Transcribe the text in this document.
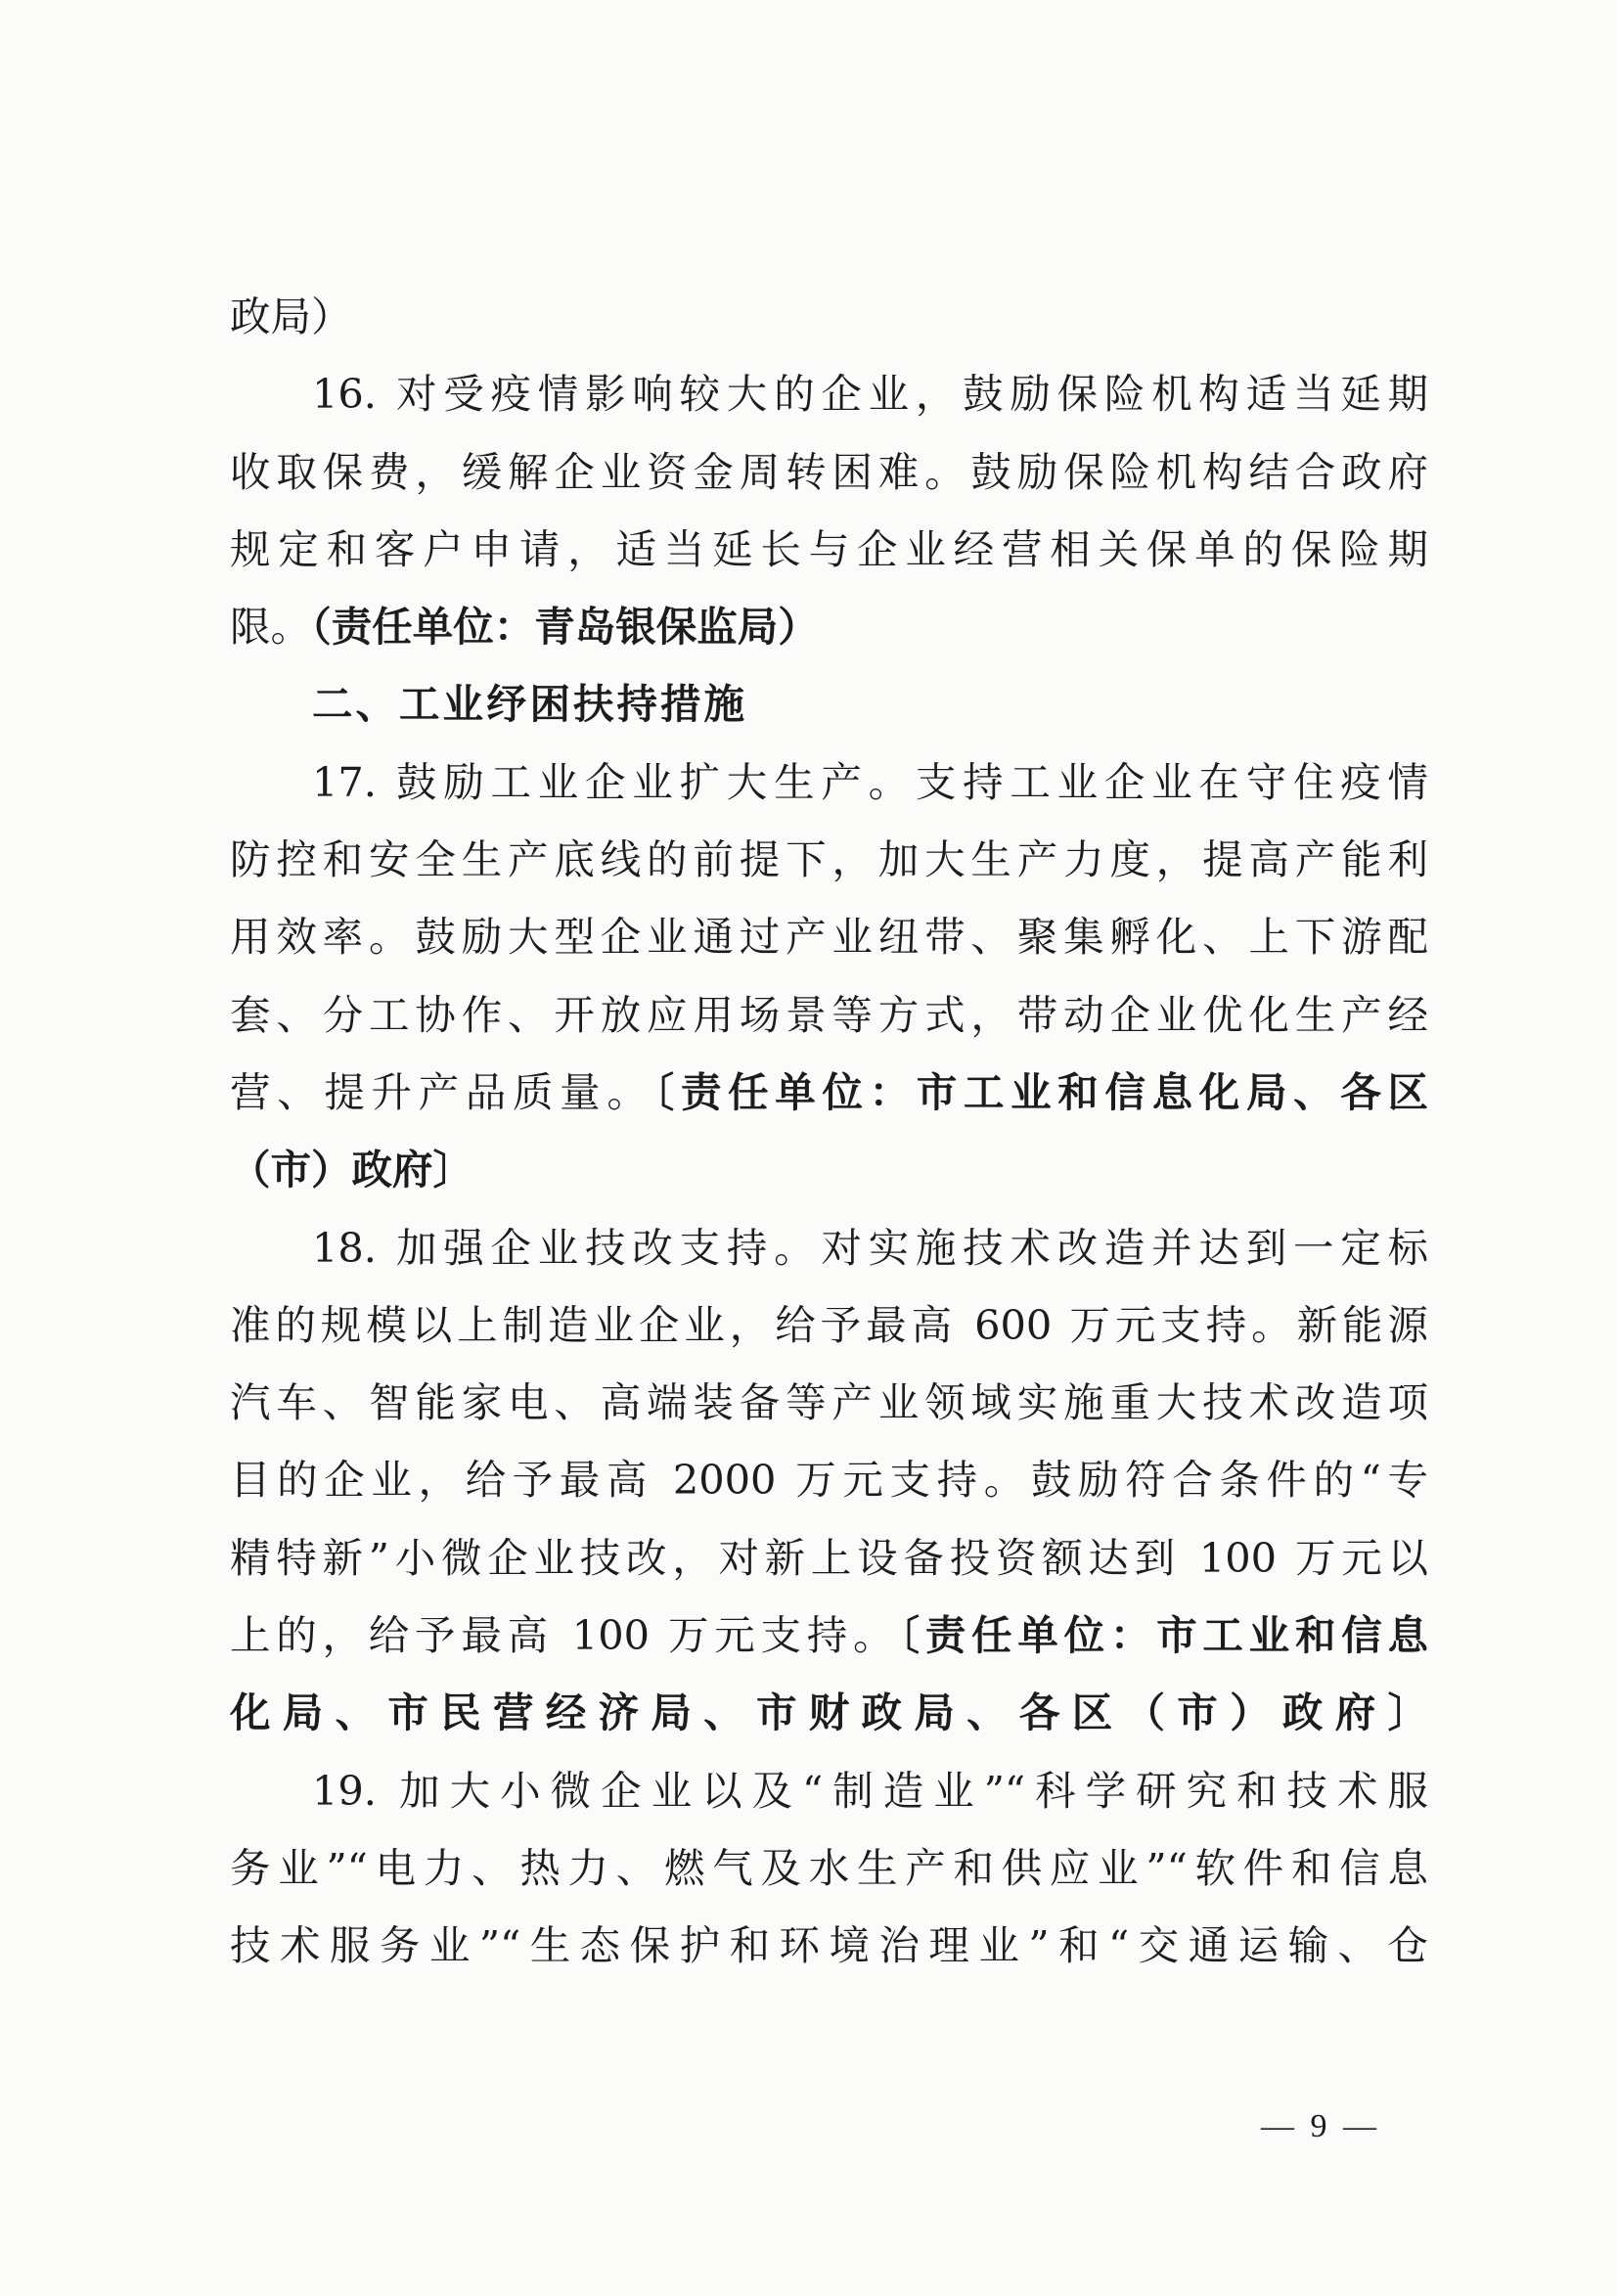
政局）
16. 对受疫情影响较大的企业，鼓励保险机构适当延期
收取保费，缓解企业资金周转困难。鼓励保险机构结合政府
规定和客户申请，适当延长与企业经营相关保单的保险期
限。（责任单位：青岛银保监局）
二、工业纾困扶持措施
17. 鼓励工业企业扩大生产。支持工业企业在守住疫情
防控和安全生产底线的前提下，加大生产力度，提高产能利
用效率。鼓励大型企业通过产业纽带、聚集孵化、上下游配
套、分工协作、开放应用场景等方式，带动企业优化生产经
营、提升产品质量。〔责任单位：市工业和信息化局、各区
（市）政府〕
18. 加强企业技改支持。对实施技术改造并达到一定标
准的规模以上制造业企业，给予最高 600 万元支持。新能源
汽车、智能家电、高端装备等产业领域实施重大技术改造项
目的企业，给予最高 2000 万元支持。鼓励符合条件的“专
精特新”小微企业技改，对新上设备投资额达到 100 万元以
上的，给予最高 100 万元支持。〔责任单位：市工业和信息
化局、市民营经济局、市财政局、各区（市）政府〕
19. 加大小微企业以及“制造业”“科学研究和技术服
务业”“电力、热力、燃气及水生产和供应业”“软件和信息
技术服务业”“生态保护和环境治理业”和“交通运输、仓
— 9 —
